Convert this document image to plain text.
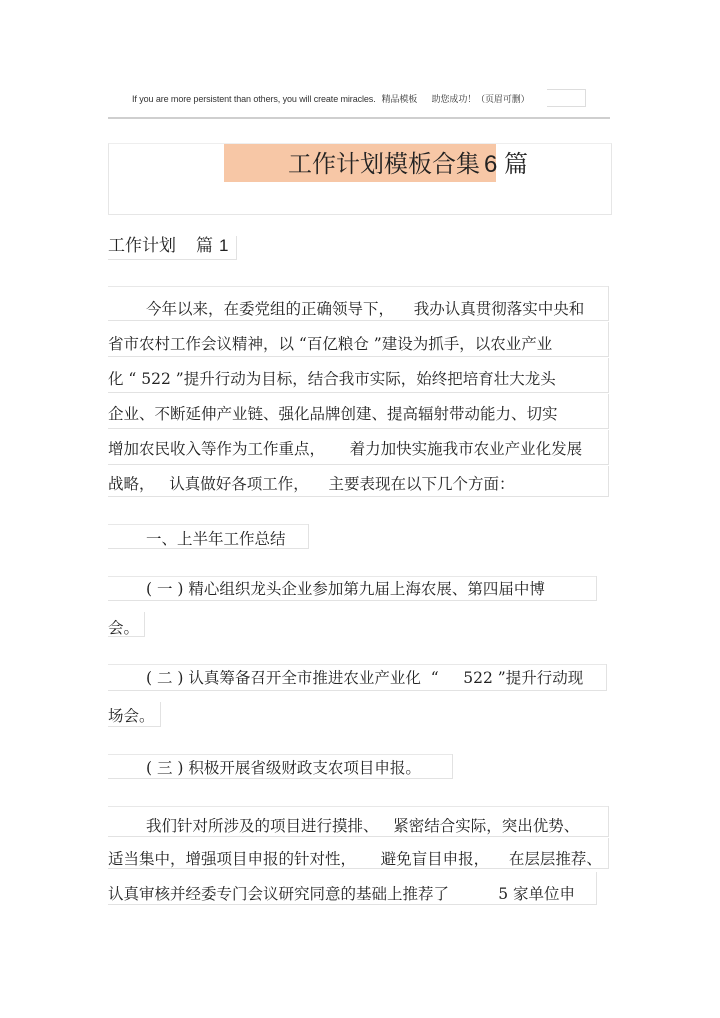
If you are more persistent than others, you will create miracles. 精品模板      助您成功！（页眉可删）
工作计划模板合集 6 篇
工作计划 篇 1
今年以来，在委党组的正确领导下，    我办认真贯彻落实中央和
省市农村工作会议精神，以 “百亿粮仓 ”建设为抓手，以农业产业
化 “ 522 ”提升行动为目标，结合我市实际，始终把培育壮大龙头
企业、不断延伸产业链、强化品牌创建、提高辐射带动能力、切实
增加农民收入等作为工作重点，     着力加快实施我市农业产业化发展
战略，   认真做好各项工作，    主要表现在以下几个方面：
一、上半年工作总结
( 一 ) 精心组织龙头企业参加第九届上海农展、第四届中博
会。
( 二 ) 认真筹备召开全市推进农业产业化  “     522 ”提升行动现
场会。
( 三 ) 积极开展省级财政支农项目申报。
我们针对所涉及的项目进行摸排、   紧密结合实际，突出优势、
适当集中，增强项目申报的针对性，     避免盲目申报，    在层层推荐、
认真审核并经委专门会议研究同意的基础上推荐了          5 家单位申
